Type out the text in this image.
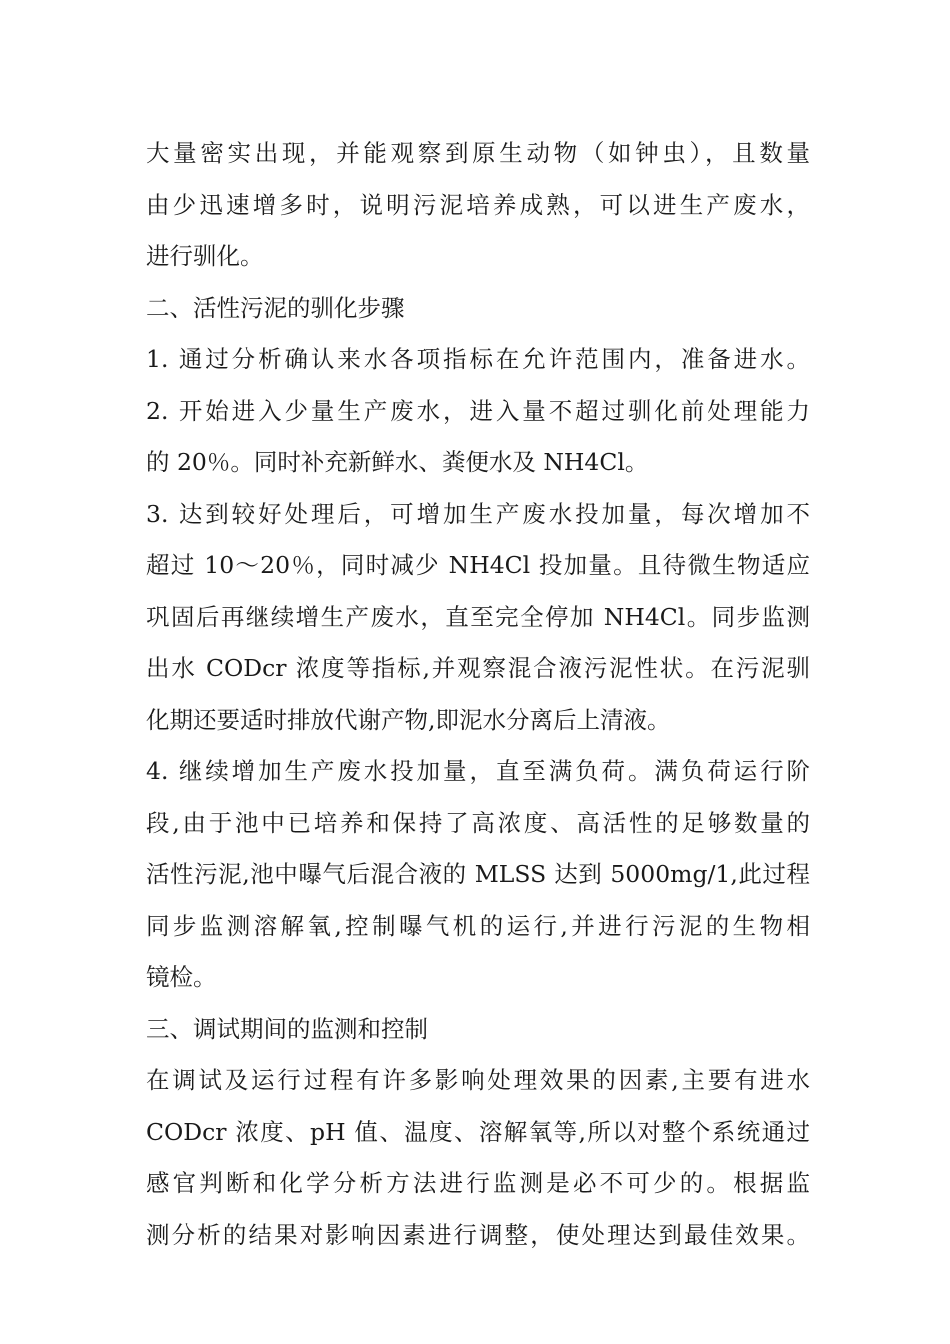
大量密实出现，并能观察到原生动物（如钟虫），且数量
由少迅速增多时，说明污泥培养成熟，可以进生产废水，
进行驯化。
二、活性污泥的驯化步骤
1. 通过分析确认来水各项指标在允许范围内，准备进水。
2. 开始进入少量生产废水，进入量不超过驯化前处理能力
的 20％。同时补充新鲜水、粪便水及 NH4Cl。
3. 达到较好处理后，可增加生产废水投加量，每次增加不
超过 10～20％，同时减少 NH4Cl 投加量。且待微生物适应
巩固后再继续增生产废水，直至完全停加 NH4Cl。同步监测
出水 CODcr 浓度等指标,并观察混合液污泥性状。在污泥驯
化期还要适时排放代谢产物,即泥水分离后上清液。
4. 继续增加生产废水投加量，直至满负荷。满负荷运行阶
段,由于池中已培养和保持了高浓度、高活性的足够数量的
活性污泥,池中曝气后混合液的 MLSS 达到 5000mg/1,此过程
同步监测溶解氧,控制曝气机的运行,并进行污泥的生物相
镜检。
三、调试期间的监测和控制
在调试及运行过程有许多影响处理效果的因素,主要有进水
CODcr 浓度、pH 值、温度、溶解氧等,所以对整个系统通过
感官判断和化学分析方法进行监测是必不可少的。根据监
测分析的结果对影响因素进行调整，使处理达到最佳效果。
